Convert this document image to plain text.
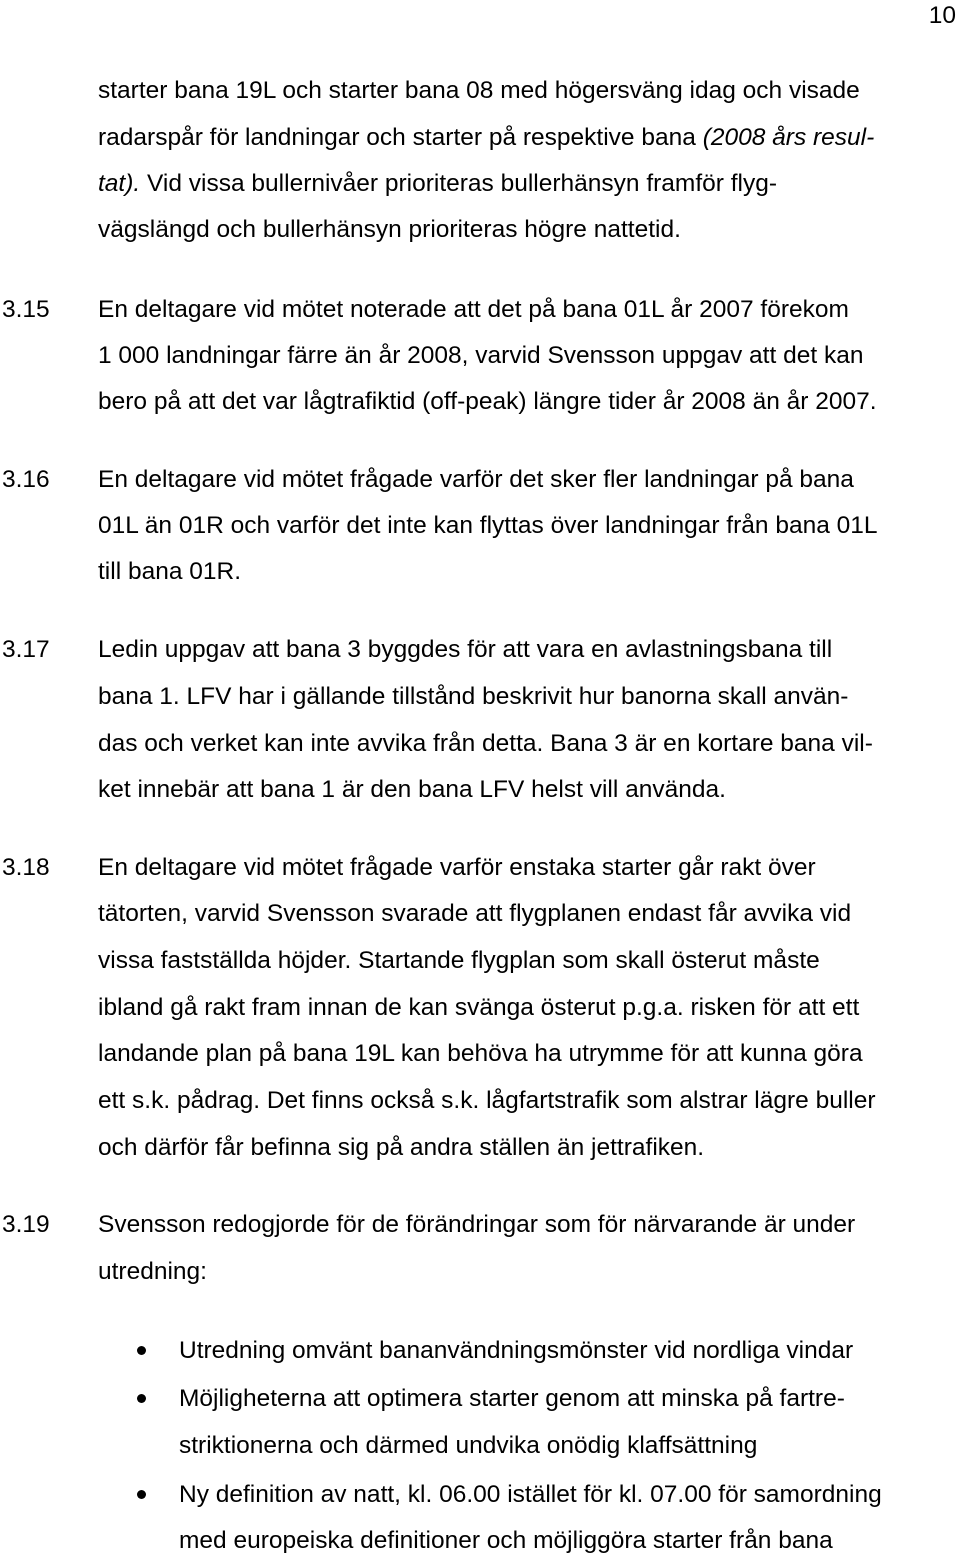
10
starter bana 19L och starter bana 08 med högersväng idag och visade
radarspår för landningar och starter på respektive bana (2008 års resul-
tat). Vid vissa bullernivåer prioriteras bullerhänsyn framför flyg-
vägslängd och bullerhänsyn prioriteras högre nattetid.
3.15 En deltagare vid mötet noterade att det på bana 01L år 2007 förekom
1 000 landningar färre än år 2008, varvid Svensson uppgav att det kan
bero på att det var lågtrafiktid (off-peak) längre tider år 2008 än år 2007.
3.16 En deltagare vid mötet frågade varför det sker fler landningar på bana
01L än 01R och varför det inte kan flyttas över landningar från bana 01L
till bana 01R.
3.17 Ledin uppgav att bana 3 byggdes för att vara en avlastningsbana till
bana 1. LFV har i gällande tillstånd beskrivit hur banorna skall använ-
das och verket kan inte avvika från detta. Bana 3 är en kortare bana vil-
ket innebär att bana 1 är den bana LFV helst vill använda.
3.18 En deltagare vid mötet frågade varför enstaka starter går rakt över
tätorten, varvid Svensson svarade att flygplanen endast får avvika vid
vissa fastställda höjder. Startande flygplan som skall österut måste
ibland gå rakt fram innan de kan svänga österut p.g.a. risken för att ett
landande plan på bana 19L kan behöva ha utrymme för att kunna göra
ett s.k. pådrag. Det finns också s.k. lågfartstrafik som alstrar lägre buller
och därför får befinna sig på andra ställen än jettrafiken.
3.19 Svensson redogjorde för de förändringar som för närvarande är under
utredning:
Utredning omvänt bananvändningsmönster vid nordliga vindar
Möjligheterna att optimera starter genom att minska på fartre-
striktionerna och därmed undvika onödig klaffsättning
Ny definition av natt, kl. 06.00 istället för kl. 07.00 för samordning
med europeiska definitioner och möjliggöra starter från bana
